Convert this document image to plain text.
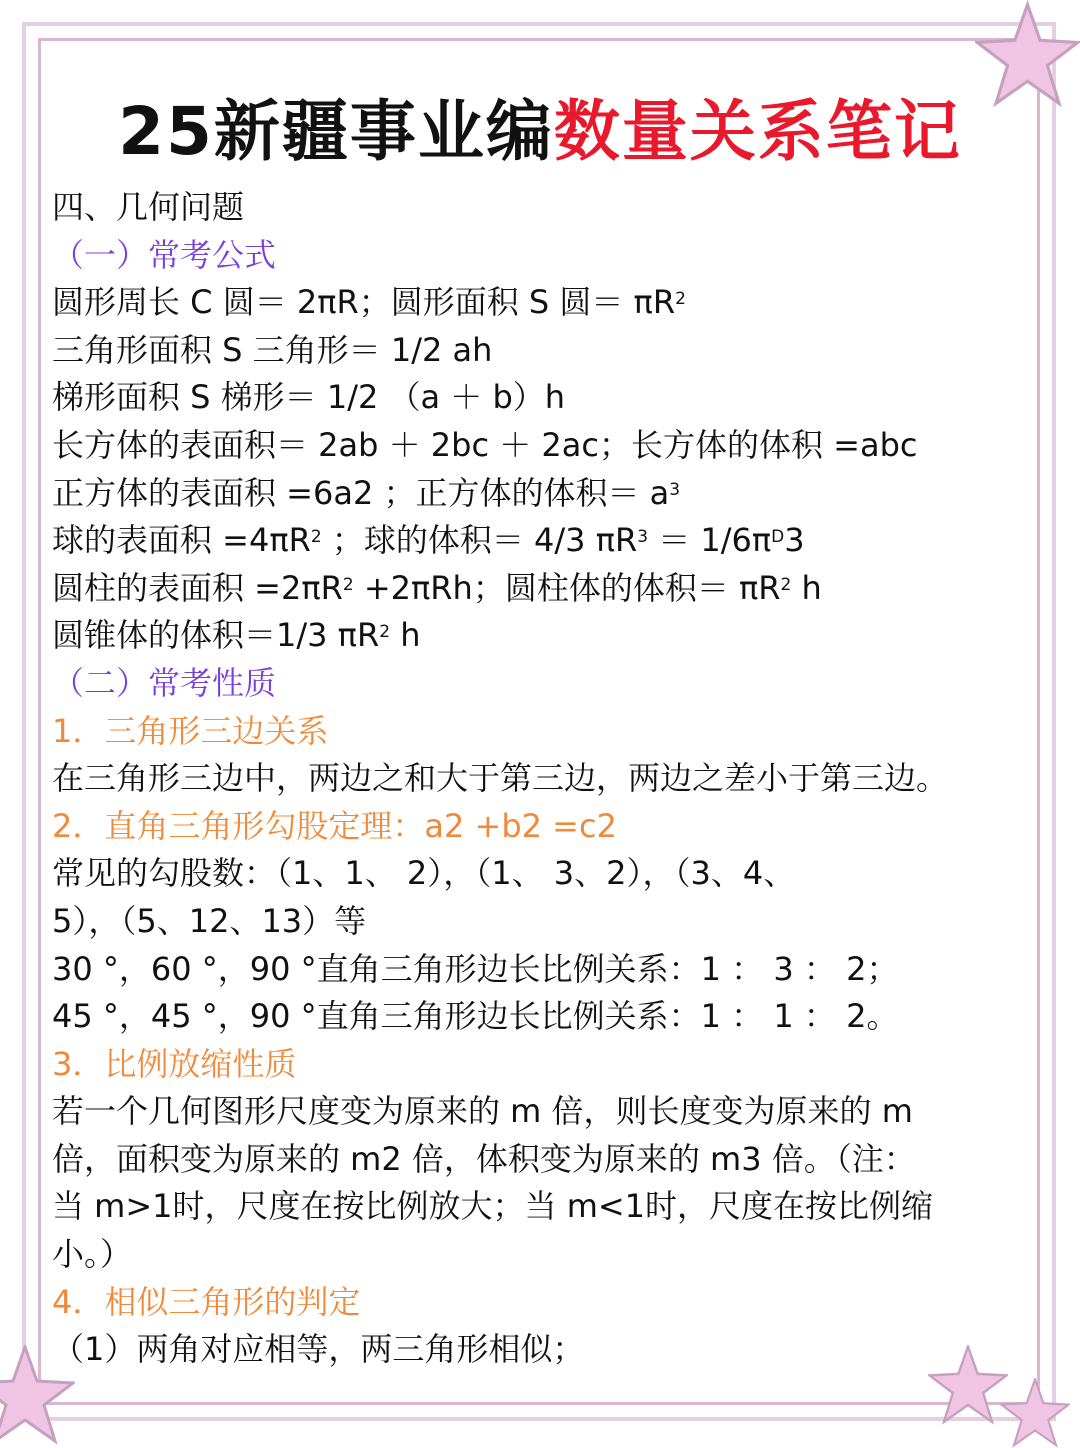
25新疆事业编数量关系笔记
四、几何问题
（一）常考公式
圆形周长 C 圆＝ 2πR；圆形面积 S 圆＝ $\pi R^2$
三角形面积 S 三角形＝ 1/2 ah
梯形面积 S 梯形＝ 1/2 （a ＋ b）h
长方体的表面积＝ 2ab ＋ 2bc ＋ 2ac；长方体的体积 =abc
正方体的表面积 =6a2 ；正方体的体积＝ $a^3$
球的表面积 $=4\pi R^2$ ；球的体积＝ 4/3 $\pi R^3 = 1/6\pi^D3$
圆柱的表面积 $=2\pi R^2 +2\pi Rh$；圆柱体的体积＝ $\pi R^2$ h
圆锥体的体积＝1/3 $\pi R^2$ h
（二）常考性质
1．三角形三边关系
在三角形三边中，两边之和大于第三边，两边之差小于第三边。
2．直角三角形勾股定理：a2 +b2 =c2
常见的勾股数：（1、1、 2），（1、 3、2），（3、4、
5），（5、12、13）等
30 °，60 °，90 °直角三角形边长比例关系：1 ： 3 ： 2；
45 °，45 °，90 °直角三角形边长比例关系：1 ： 1 ： 2。
3．比例放缩性质
若一个几何图形尺度变为原来的 m 倍，则长度变为原来的 m
倍，面积变为原来的 m2 倍，体积变为原来的 m3 倍。（注：
当 m>1时，尺度在按比例放大；当 m<1时，尺度在按比例缩
小。）
4．相似三角形的判定
（1）两角对应相等，两三角形相似；
